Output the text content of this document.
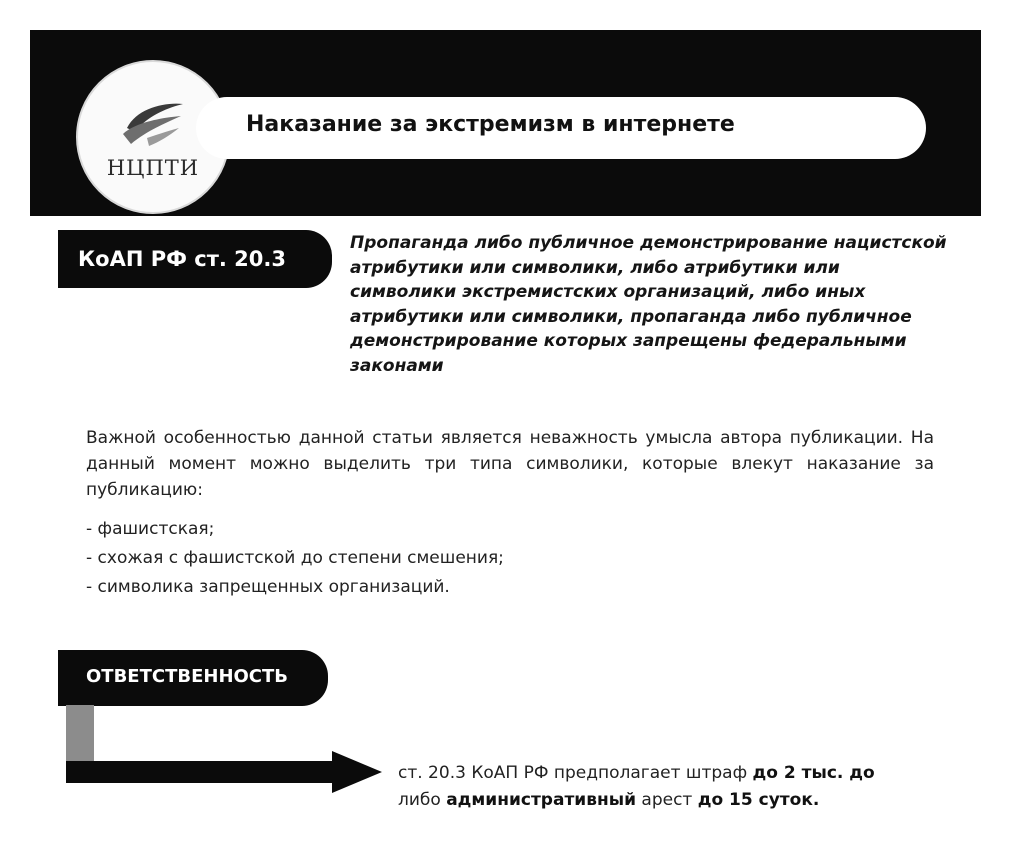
НЦПТИ
Наказание за экстремизм в интернете
КоАП РФ ст. 20.3

Пропаганда либо публичное демонстрирование нацистской атрибутики или символики, либо атрибутики или символики экстремистских организаций, либо иных атрибутики или символики, пропаганда либо публичное демонстрирование которых запрещены федеральными законами

Важной особенностью данной статьи является неважность умысла автора публикации. На данный момент можно выделить три типа символики, которые влекут наказание за публикацию:

- фашистская;
- схожая с фашистской до степени смешения;
- символика запрещенных организаций.
ОТВЕТСТВЕННОСТЬ

ст. 20.3 КоАП РФ предполагает штраф до 2 тыс. до
либо административный арест до 15 суток.
